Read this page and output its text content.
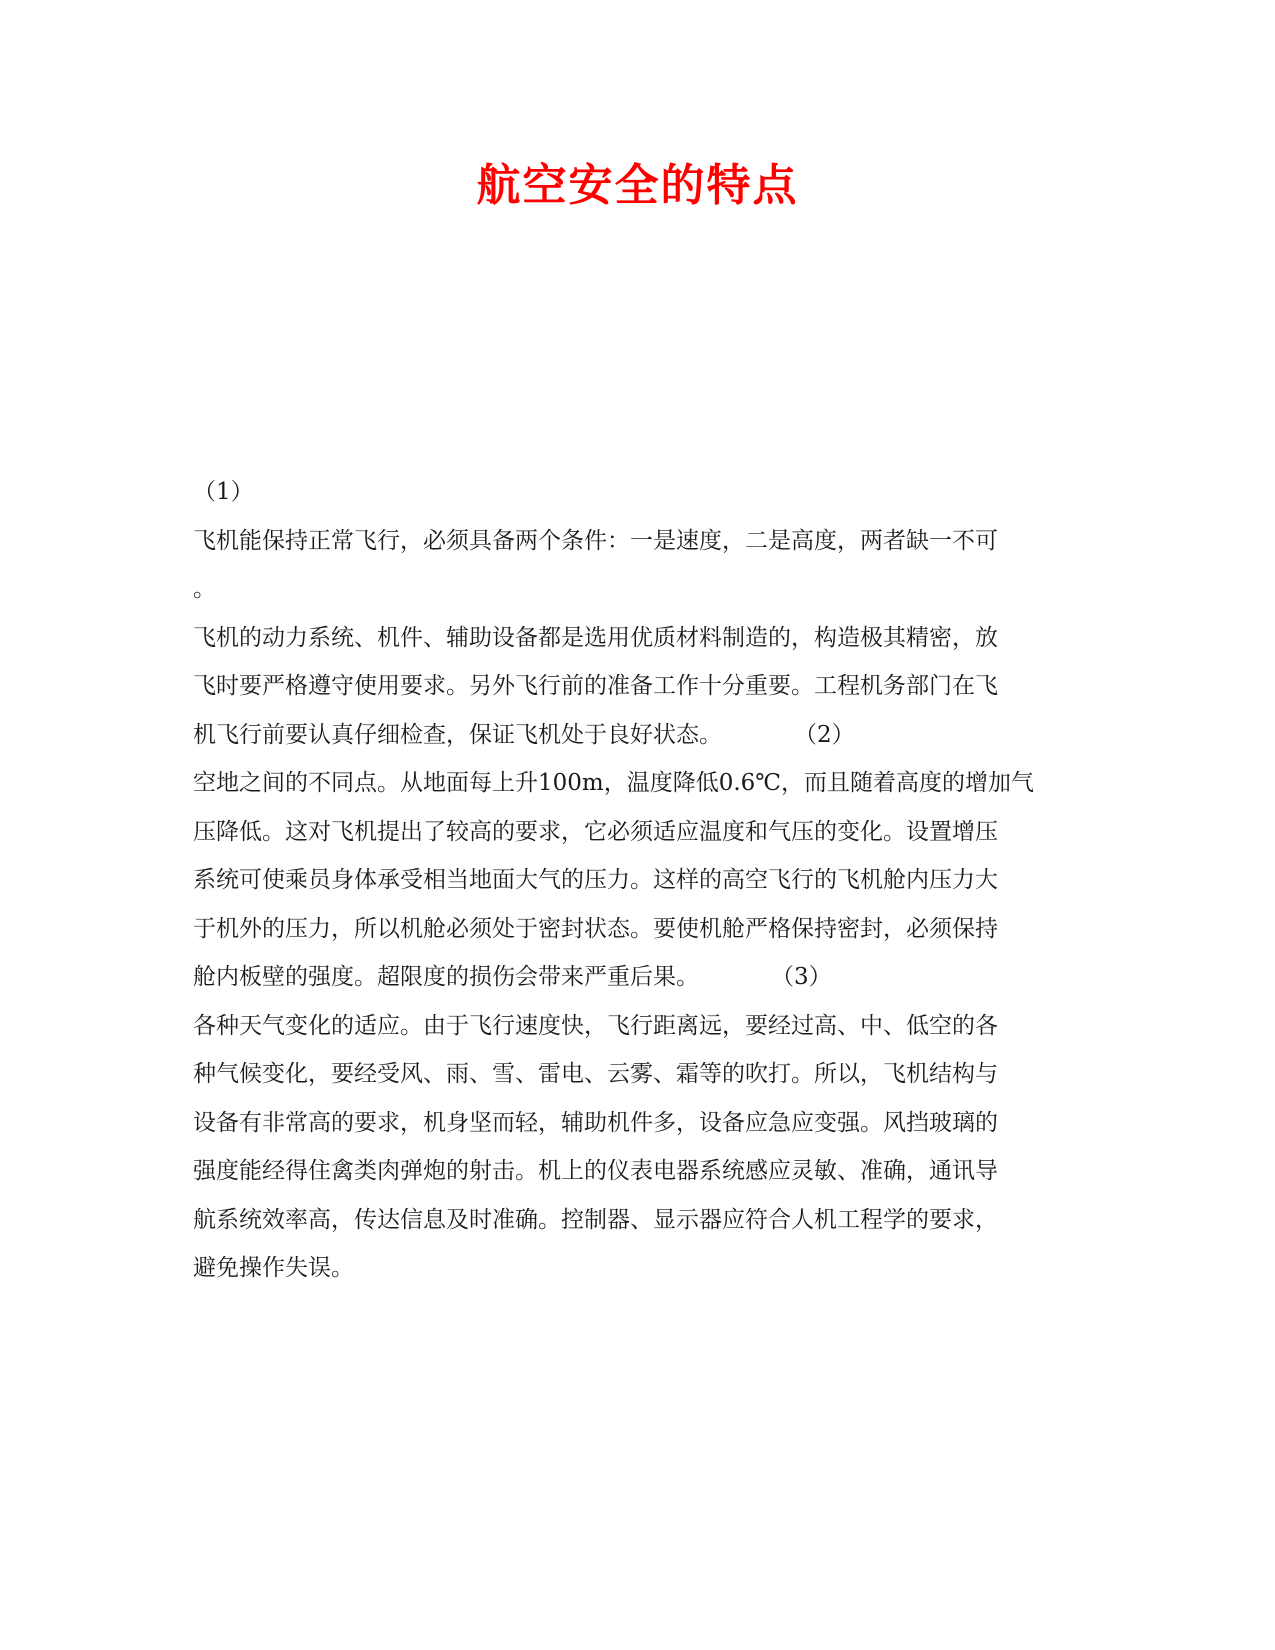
航空安全的特点
（1）
飞机能保持正常飞行，必须具备两个条件：一是速度，二是高度，两者缺一不可
。
飞机的动力系统、机件、辅助设备都是选用优质材料制造的，构造极其精密，放
飞时要严格遵守使用要求。另外飞行前的准备工作十分重要。工程机务部门在飞
机飞行前要认真仔细检查，保证飞机处于良好状态。	（2）
空地之间的不同点。从地面每上升100m，温度降低0.6℃，而且随着高度的增加气
压降低。这对飞机提出了较高的要求，它必须适应温度和气压的变化。设置增压
系统可使乘员身体承受相当地面大气的压力。这样的高空飞行的飞机舱内压力大
于机外的压力，所以机舱必须处于密封状态。要使机舱严格保持密封，必须保持
舱内板壁的强度。超限度的损伤会带来严重后果。	（3）
各种天气变化的适应。由于飞行速度快，飞行距离远，要经过高、中、低空的各
种气候变化，要经受风、雨、雪、雷电、云雾、霜等的吹打。所以，飞机结构与
设备有非常高的要求，机身坚而轻，辅助机件多，设备应急应变强。风挡玻璃的
强度能经得住禽类肉弹炮的射击。机上的仪表电器系统感应灵敏、准确，通讯导
航系统效率高，传达信息及时准确。控制器、显示器应符合人机工程学的要求，
避免操作失误。
